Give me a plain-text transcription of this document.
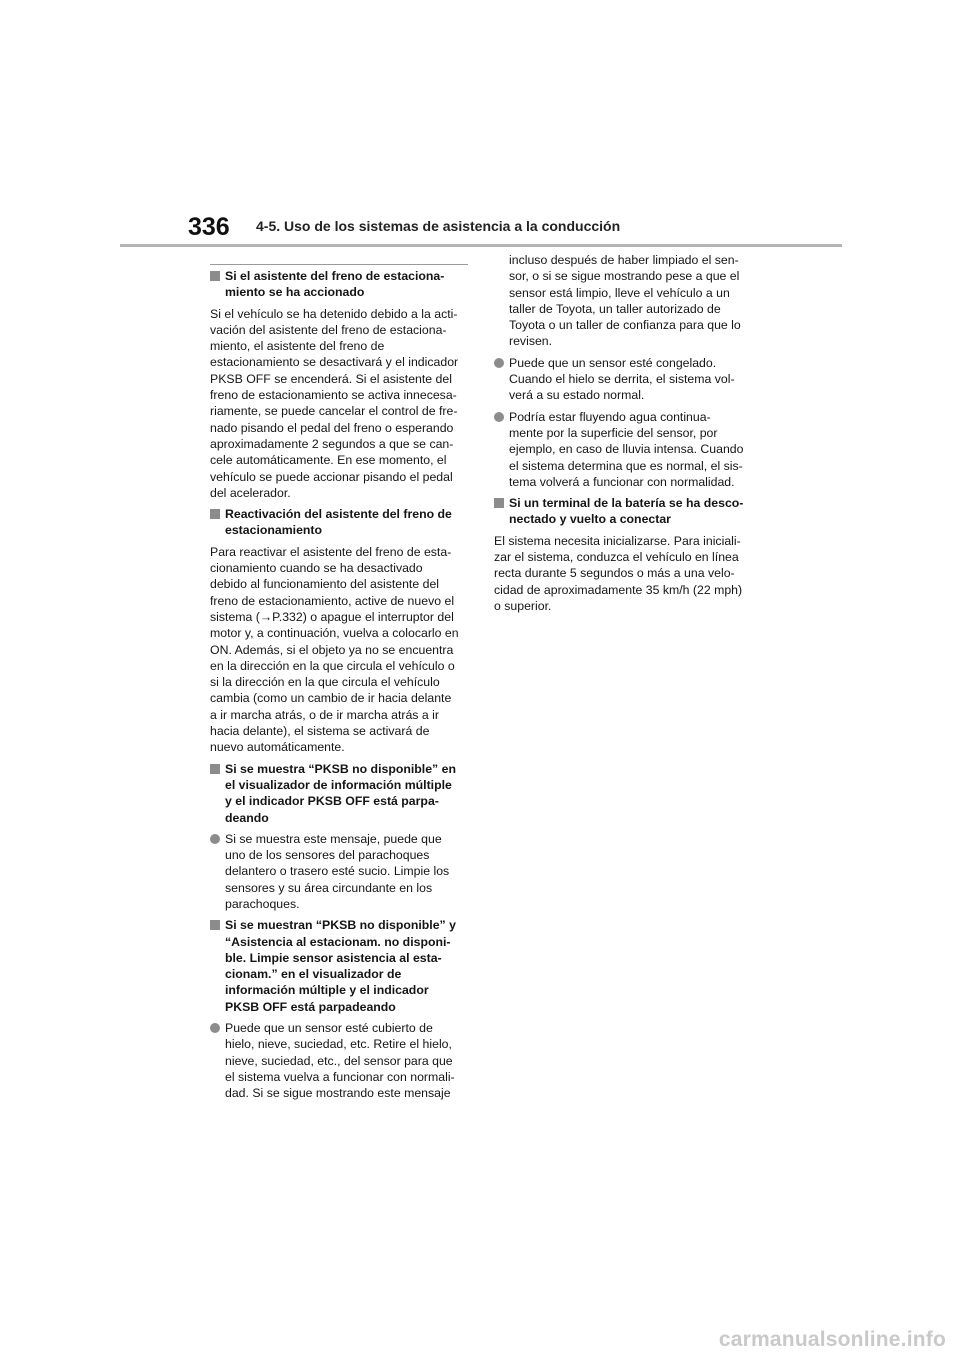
336 4-5. Uso de los sistemas de asistencia a la conducción
Si el asistente del freno de estaciona-
miento se ha accionado
Si el vehículo se ha detenido debido a la acti-
vación del asistente del freno de estaciona-
miento, el asistente del freno de
estacionamiento se desactivará y el indicador
PKSB OFF se encenderá. Si el asistente del
freno de estacionamiento se activa innecesa-
riamente, se puede cancelar el control de fre-
nado pisando el pedal del freno o esperando
aproximadamente 2 segundos a que se can-
cele automáticamente. En ese momento, el
vehículo se puede accionar pisando el pedal
del acelerador.
Reactivación del asistente del freno de
estacionamiento
Para reactivar el asistente del freno de esta-
cionamiento cuando se ha desactivado
debido al funcionamiento del asistente del
freno de estacionamiento, active de nuevo el
sistema (→P.332) o apague el interruptor del
motor y, a continuación, vuelva a colocarlo en
ON. Además, si el objeto ya no se encuentra
en la dirección en la que circula el vehículo o
si la dirección en la que circula el vehículo
cambia (como un cambio de ir hacia delante
a ir marcha atrás, o de ir marcha atrás a ir
hacia delante), el sistema se activará de
nuevo automáticamente.
Si se muestra “PKSB no disponible” en
el visualizador de información múltiple
y el indicador PKSB OFF está parpa-
deando
Si se muestra este mensaje, puede que
uno de los sensores del parachoques
delantero o trasero esté sucio. Limpie los
sensores y su área circundante en los
parachoques.
Si se muestran “PKSB no disponible” y
“Asistencia al estacionam. no disponi-
ble. Limpie sensor asistencia al esta-
cionam.” en el visualizador de
información múltiple y el indicador
PKSB OFF está parpadeando
Puede que un sensor esté cubierto de
hielo, nieve, suciedad, etc. Retire el hielo,
nieve, suciedad, etc., del sensor para que
el sistema vuelva a funcionar con normali-
dad. Si se sigue mostrando este mensaje
incluso después de haber limpiado el sen-
sor, o si se sigue mostrando pese a que el
sensor está limpio, lleve el vehículo a un
taller de Toyota, un taller autorizado de
Toyota o un taller de confianza para que lo
revisen.
Puede que un sensor esté congelado.
Cuando el hielo se derrita, el sistema vol-
verá a su estado normal.
Podría estar fluyendo agua continua-
mente por la superficie del sensor, por
ejemplo, en caso de lluvia intensa. Cuando
el sistema determina que es normal, el sis-
tema volverá a funcionar con normalidad.
Si un terminal de la batería se ha desco-
nectado y vuelto a conectar
El sistema necesita inicializarse. Para iniciali-
zar el sistema, conduzca el vehículo en línea
recta durante 5 segundos o más a una velo-
cidad de aproximadamente 35 km/h (22 mph)
o superior.
carmanualsonline.info
